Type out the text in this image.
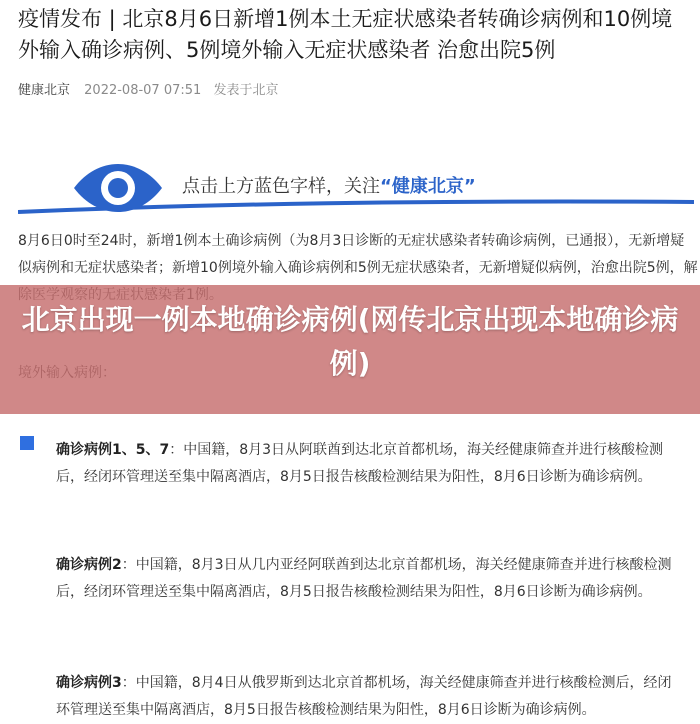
疫情发布 | 北京8月6日新增1例本土无症状感染者转确诊病例和10例境外输入确诊病例、5例境外输入无症状感染者 治愈出院5例
健康北京 2022-08-07 07:51 发表于北京
点击上方蓝色字样，关注“健康北京”
8月6日0时至24时，新增1例本土确诊病例（为8月3日诊断的无症状感染者转确诊病例，已通报），无新增疑似病例和无症状感染者；新增10例境外输入确诊病例和5例无症状感染者，无新增疑似病例，治愈出院5例，解
北京出现一例本地确诊病例(网传北京出现本地确诊病例)
确诊病例1、5、7：中国籍，8月3日从阿联酋到达北京首都机场，海关经健康筛查并进行核酸检测后，经闭环管理送至集中隔离酒店，8月5日报告核酸检测结果为阳性，8月6日诊断为确诊病例。
确诊病例2：中国籍，8月3日从几内亚经阿联酋到达北京首都机场，海关经健康筛查并进行核酸检测后，经闭环管理送至集中隔离酒店，8月5日报告核酸检测结果为阳性，8月6日诊断为确诊病例。
确诊病例3：中国籍，8月4日从俄罗斯到达北京首都机场，海关经健康筛查并进行核酸检测后，经闭环管理送至集中隔离酒店，8月5日报告核酸检测结果为阳性，8月6日诊断为确诊病例。
